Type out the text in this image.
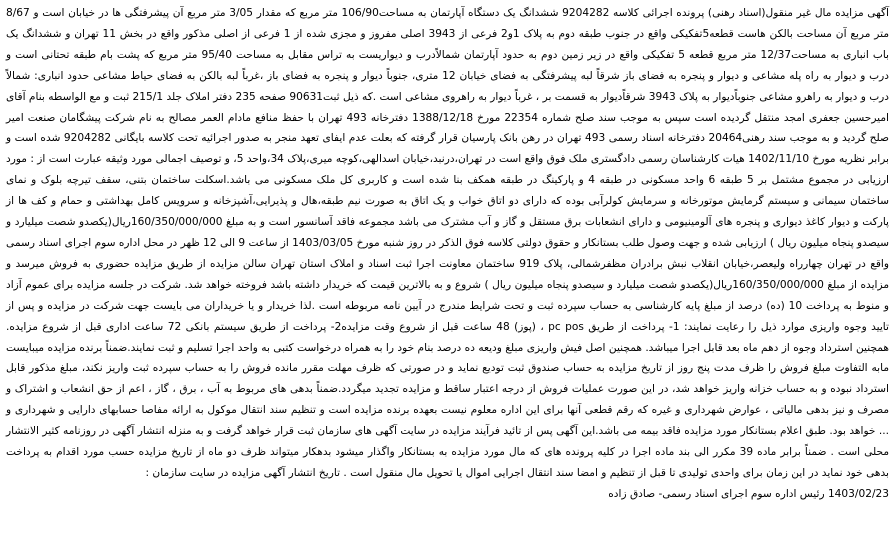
آگهی مزایده مال غیر منقول(اسناد رهنی) پرونده اجرائی کلاسه 9204282 ششدانگ یک دستگاه آپارتمان به مساحت106/90 متر مربع که مقدار 3/05 متر مربع آن پیشرفتگی ها در خیابان است و 8/67 متر مربع آن مساحت بالکن هاست قطعه5تفکیکی واقع در جنوب طبقه دوم به پلاک 1و2 فرعی از 3943 اصلی مفروز و مجزی شده از 1 فرعی از اصلی مذکور واقع در بخش 11 تهران و ششدانگ یک باب انباری به مساحت12/37 متر مربع قطعه 5 تفکیکی واقع در زیر زمین دوم به حدود آپارتمان شمالاًدرب و دیواریست به تراس مقابل به مساحت 95/40 متر مربع که پشت بام طبقه تحتانی است و درب و دیوار به راه پله مشاعی و دیوار و پنجره به فضای باز شرقاً لبه پیشرفتگی به فضای خیابان 12 متری، جنوباً دیوار و پنجره به فضای باز ،غرباً لبه بالکن به فضای حیاط مشاعی حدود انباری: شمالاً درب و دیوار به راهرو مشاعی جنوباًدیوار به پلاک 3943 شرقاًدیوار به قسمت بر ، غرباً دیوار به راهروی مشاعی است .که ذیل ثبت90631 صفحه 235 دفتر املاک جلد 215/1 ثبت و مع الواسطه بنام آقای امیرحسین جعفری امجد منتقل گردیده است سپس به موجب سند صلح شماره 22354 مورخ 1388/12/18 دفترخانه 493 تهران با حفظ منافع مادام العمر مصالح به نام شرکت پیشگامان صنعت امیر صلح گردید و به موجب سند رهنی20464 دفترخانه اسناد رسمی 493 تهران در رهن بانک پارسیان قرار گرفته که بعلت عدم ایفای تعهد منجر به صدور اجرائیه تحت کلاسه بایگانی 9204282 شده است و برابر نظریه مورخ 1402/11/10 هیات کارشناسان رسمی دادگستری ملک فوق واقع است در تهران،درنبد،خیابان اسدالهی،کوچه میری،پلاک 34،واحد 5، و توصیف اجمالی مورد وثیقه عبارت است از : مورد ارزیابی در مجموع مشتمل بر 5 طبقه 6 واحد مسکونی در طبقه 4 و پارکینگ در طبقه همکف بنا شده است و کاربری کل ملک مسکونی می باشد.اسکلت ساختمان بتنی، سقف تیرچه بلوک و نمای ساختمان سیمانی و سیستم گرمایش موتورخانه و سرمایش کولرآبی بوده که دارای دو اتاق خواب و یک اتاق به صورت نیم طبقه،هال و پذیرایی،آشپزخانه و سرویس کامل بهداشتی و حمام و کف ها از پارکت و دیوار کاغذ دیواری و پنجره های آلومینیومی و دارای انشعابات برق مستقل و گاز و آب مشترک می باشد مجموعه فاقد آسانسور است و به مبلغ 160/350/000/000ریال(یکصدو شصت میلیارد و سیصدو پنجاه میلیون ریال ) ارزیابی شده و جهت وصول طلب بستانکار و حقوق دولتی کلاسه فوق الذکر در روز شنبه مورخ 1403/03/05 از ساعت 9 الی 12 ظهر در محل اداره سوم اجرای اسناد رسمی واقع در تهران چهارراه ولیعصر،خیابان انقلاب نبش برادران مظفرشمالی، پلاک 919 ساختمان معاونت اجرا ثبت اسناد و املاک استان تهران سالن مزایده از طریق مزایده حضوری به فروش میرسد و مزایده از مبلغ 160/350/000/000ریال(یکصدو شصت میلیارد و سیصدو پنجاه میلیون ریال ) شروع و به بالاترین قیمت که خریدار داشته باشد فروخته خواهد شد. شرکت در جلسه مزایده برای عموم آزاد و منوط به پرداخت 10 (ده) درصد از مبلغ پایه کارشناسی به حساب سپرده ثبت و تحت شرایط مندرج در آیین نامه مربوطه است .لذا خریدار و یا خریداران می بایست جهت شرکت در مزایده و پس از تایید وجوه واریزی موارد ذیل را رعایت نمایند: 1- پرداخت از طریق pc pos ، (پوز) 48 ساعت قبل از شروع وقت مزایده2- پرداخت از طریق سیستم بانکی 72 ساعت اداری قبل از شروع مزایده. همچنین استرداد وجوه از دهم ماه بعد قابل اجرا میباشد. همچنین اصل فیش واریزی مبلغ ودیعه ده درصد بنام خود را به همراه درخواست کتبی به واحد اجرا تسلیم و ثبت نمایند.ضمناً برنده مزایده میبایست مابه التفاوت مبلغ فروش را ظرف مدت پنج روز از تاریخ مزایده به حساب صندوق ثبت تودیع نماید و در صورتی که ظرف مهلت مقرر مانده فروش را به حساب سپرده ثبت واریز نکند، مبلغ مذکور قابل استرداد نبوده و به حساب خزانه واریز خواهد شد، در این صورت عملیات فروش از درجه اعتبار ساقط و مزایده تجدید میگردد.ضمناً بدهی های مربوط به آب ، برق ، گاز ، اعم از حق انشعاب و اشتراک و مصرف و نیز بدهی مالیاتی ، عوارض شهرداری و غیره که رقم قطعی آنها برای این اداره معلوم نیست بعهده برنده مزایده است و تنظیم سند انتقال موکول به ارائه مفاصا حسابهای دارایی و شهرداری و ... خواهد بود. طبق اعلام بستانکار مورد مزایده فاقد بیمه می باشد.این آگهی پس از تائید فرآیند مزایده در سایت آگهی های سازمان ثبت قرار خواهد گرفت و به منزله انتشار آگهی در روزنامه کثیر الانتشار محلی است . ضمناً برابر ماده 39 مکرر الی بند ماده اجرا در کلیه پرونده های که مال مورد مزایده به بستانکار واگذار میشود بدهکار میتواند ظرف دو ماه از تاریخ مزایده حسب مورد اقدام به پرداخت بدهی خود نماید در این زمان برای واحدی تولیدی تا قبل از تنظیم و امضا سند انتقال اجرایی اموال یا تحویل مال منقول است . تاریخ انتشار آگهی مزایده در سایت سازمان :

1403/02/23 رئیس اداره سوم اجرای اسناد رسمی- صادق زاده
